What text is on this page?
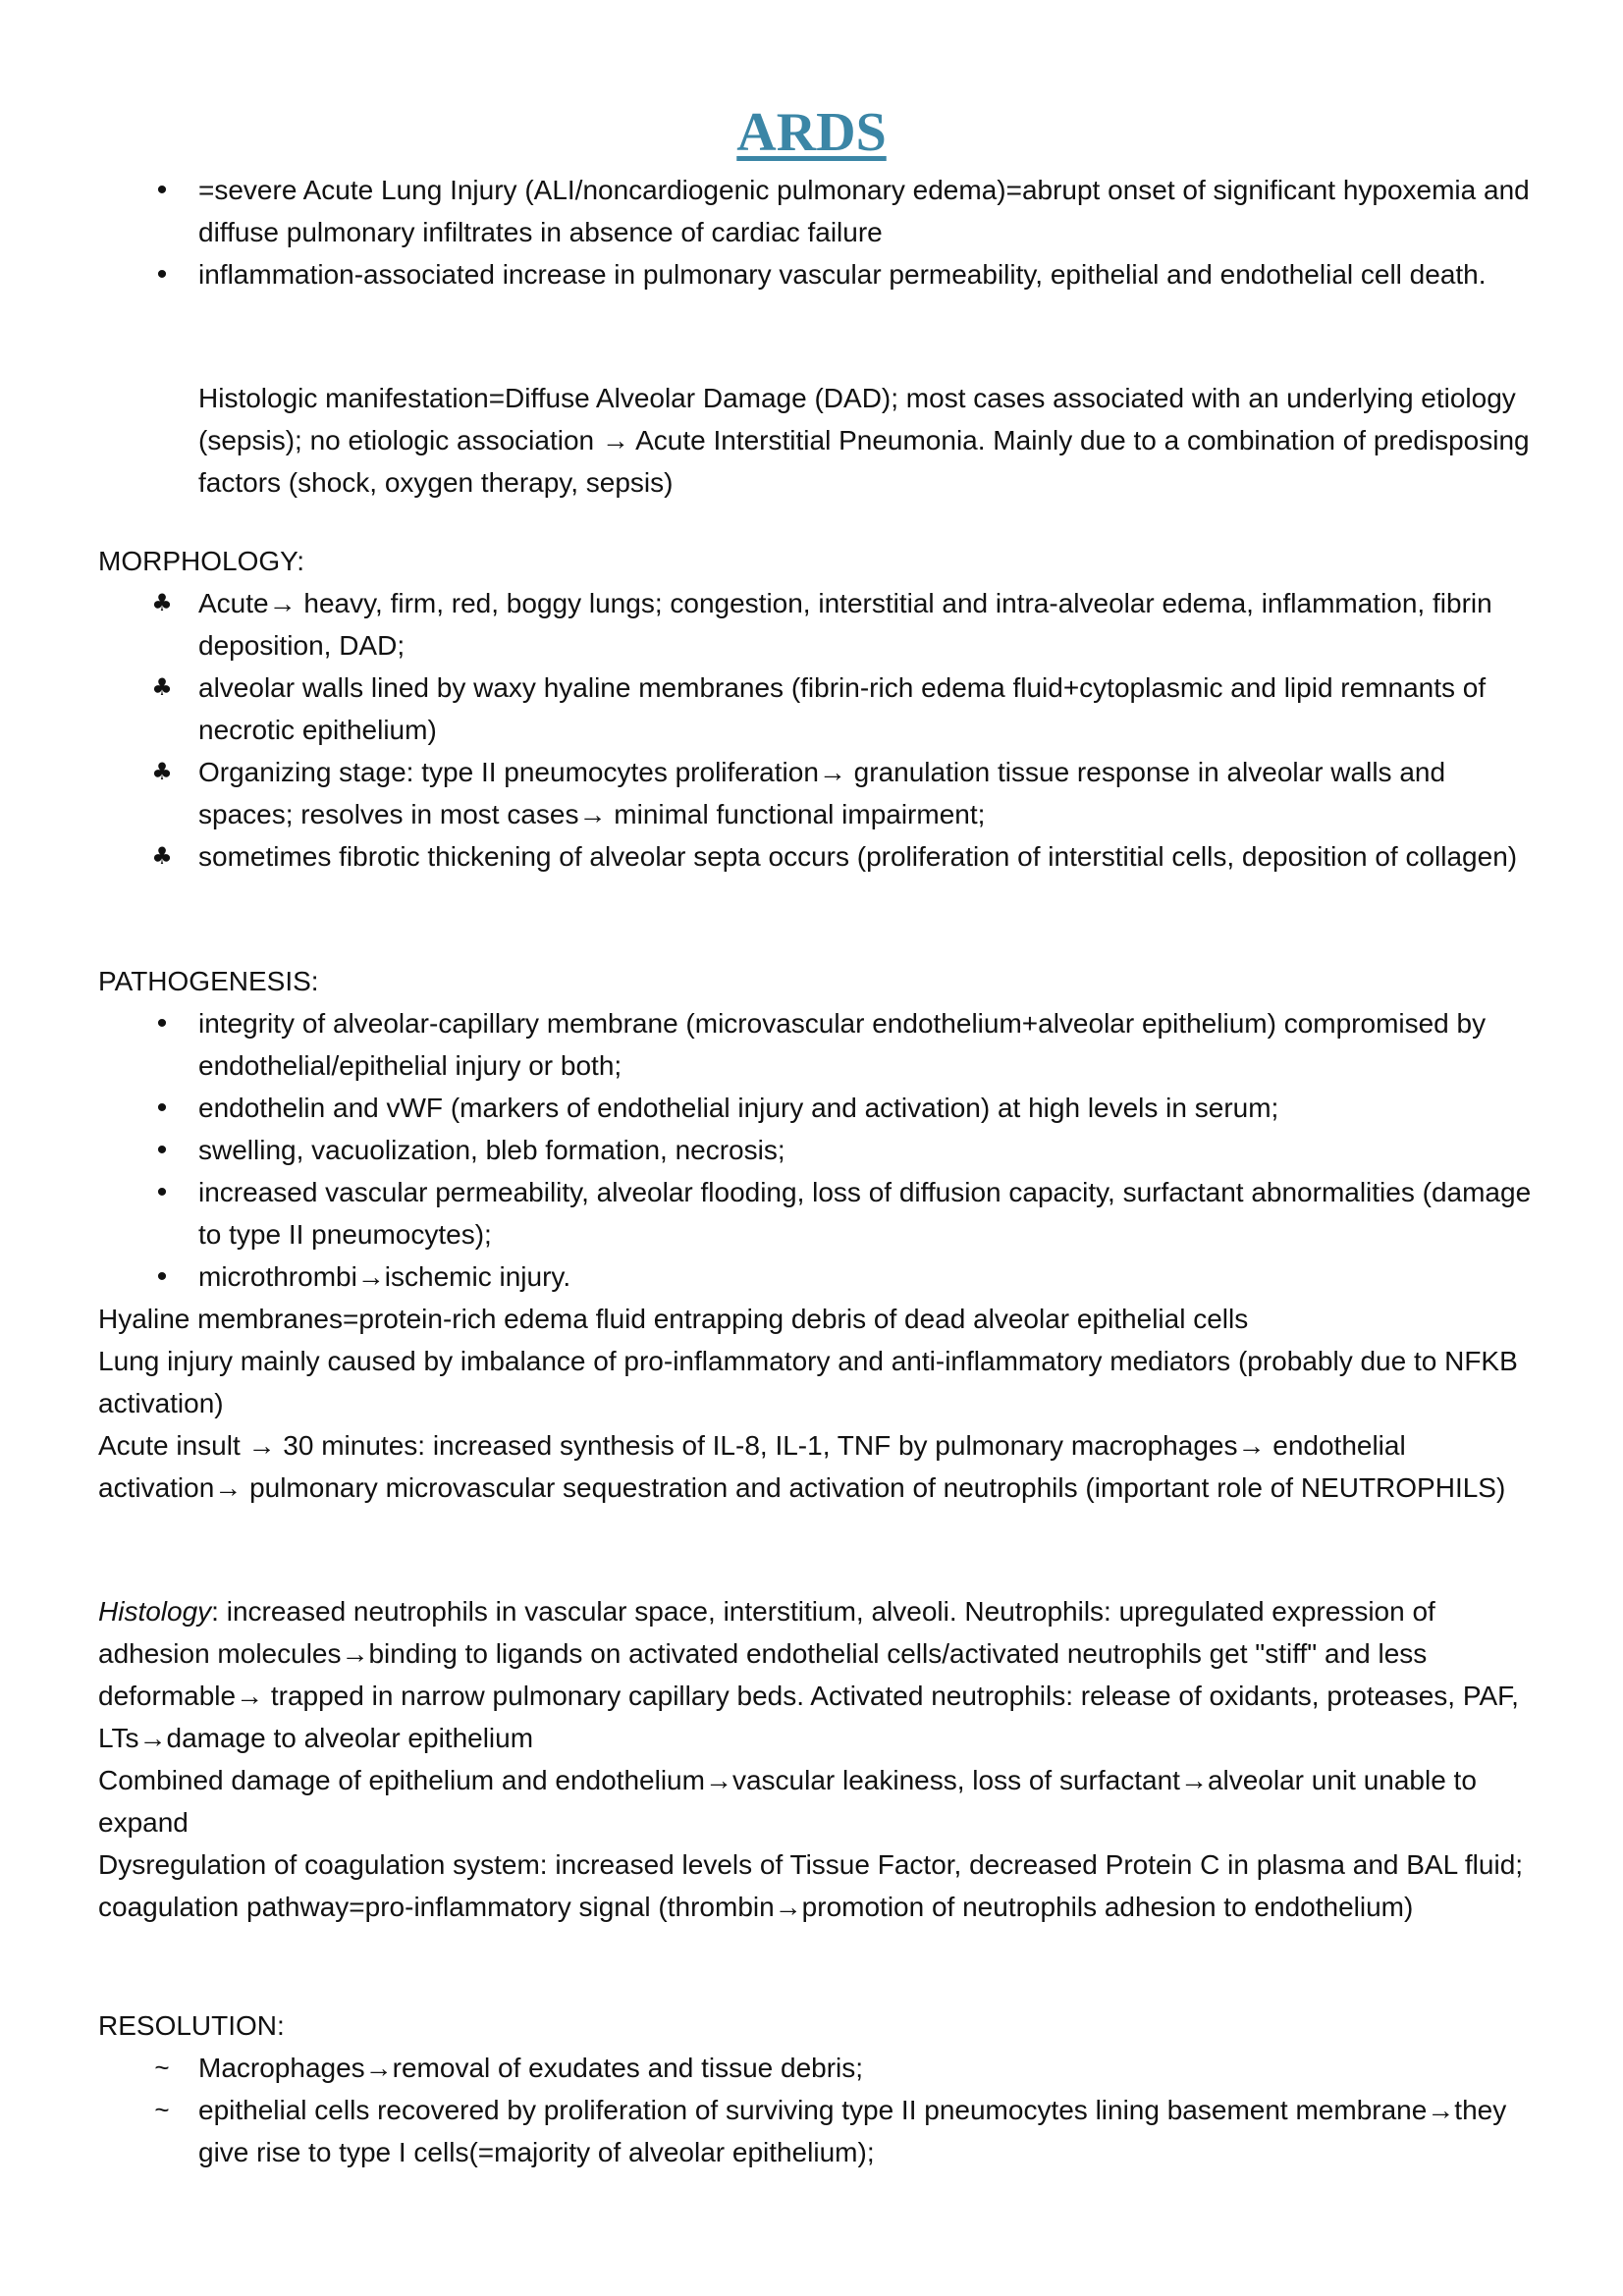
ARDS
•	=severe Acute Lung Injury (ALI/noncardiogenic pulmonary edema)=abrupt onset of significant hypoxemia and diffuse pulmonary infiltrates in absence of cardiac failure
•	inflammation-associated increase in pulmonary vascular permeability, epithelial and endothelial cell death.

Histologic manifestation=Diffuse Alveolar Damage (DAD); most cases associated with an underlying etiology (sepsis); no etiologic association → Acute Interstitial Pneumonia. Mainly due to a combination of predisposing factors (shock, oxygen therapy, sepsis)

MORPHOLOGY:

♣ Acute→ heavy, firm, red, boggy lungs; congestion, interstitial and intra-alveolar edema, inflammation, fibrin deposition, DAD;
♣ alveolar walls lined by waxy hyaline membranes (fibrin-rich edema fluid+cytoplasmic and lipid remnants of necrotic epithelium)
♣ Organizing stage: type II pneumocytes proliferation→ granulation tissue response in alveolar walls and spaces; resolves in most cases→ minimal functional impairment;
♣ sometimes fibrotic thickening of alveolar septa occurs (proliferation of interstitial cells, deposition of collagen)

PATHOGENESIS:

•	integrity of alveolar-capillary membrane (microvascular endothelium+alveolar epithelium) compromised by endothelial/epithelial injury or both;
•	endothelin and vWF (markers of endothelial injury and activation) at high levels in serum;
•	swelling, vacuolization, bleb formation, necrosis;
•	increased vascular permeability, alveolar flooding, loss of diffusion capacity, surfactant abnormalities (damage to type II pneumocytes);
•	microthrombi→ischemic injury.

Hyaline membranes=protein-rich edema fluid entrapping debris of dead alveolar epithelial cells

Lung injury mainly caused by imbalance of pro-inflammatory and anti-inflammatory mediators (probably due to NFKB activation)

Acute insult → 30 minutes: increased synthesis of IL-8, IL-1, TNF by pulmonary macrophages→ endothelial activation→ pulmonary microvascular sequestration and activation of neutrophils (important role of NEUTROPHILS)

Histology: increased neutrophils in vascular space, interstitium, alveoli. Neutrophils: upregulated expression of adhesion molecules→binding to ligands on activated endothelial cells/activated neutrophils get "stiff" and less deformable→ trapped in narrow pulmonary capillary beds. Activated neutrophils: release of oxidants, proteases, PAF, LTs→damage to alveolar epithelium

Combined damage of epithelium and endothelium→vascular leakiness, loss of surfactant→alveolar unit unable to expand

Dysregulation of coagulation system: increased levels of Tissue Factor, decreased Protein C in plasma and BAL fluid; coagulation pathway=pro-inflammatory signal (thrombin→promotion of neutrophils adhesion to endothelium)

RESOLUTION:

~ Macrophages→removal of exudates and tissue debris;
~ epithelial cells recovered by proliferation of surviving type II pneumocytes lining basement membrane→they give rise to type I cells(=majority of alveolar epithelium);
